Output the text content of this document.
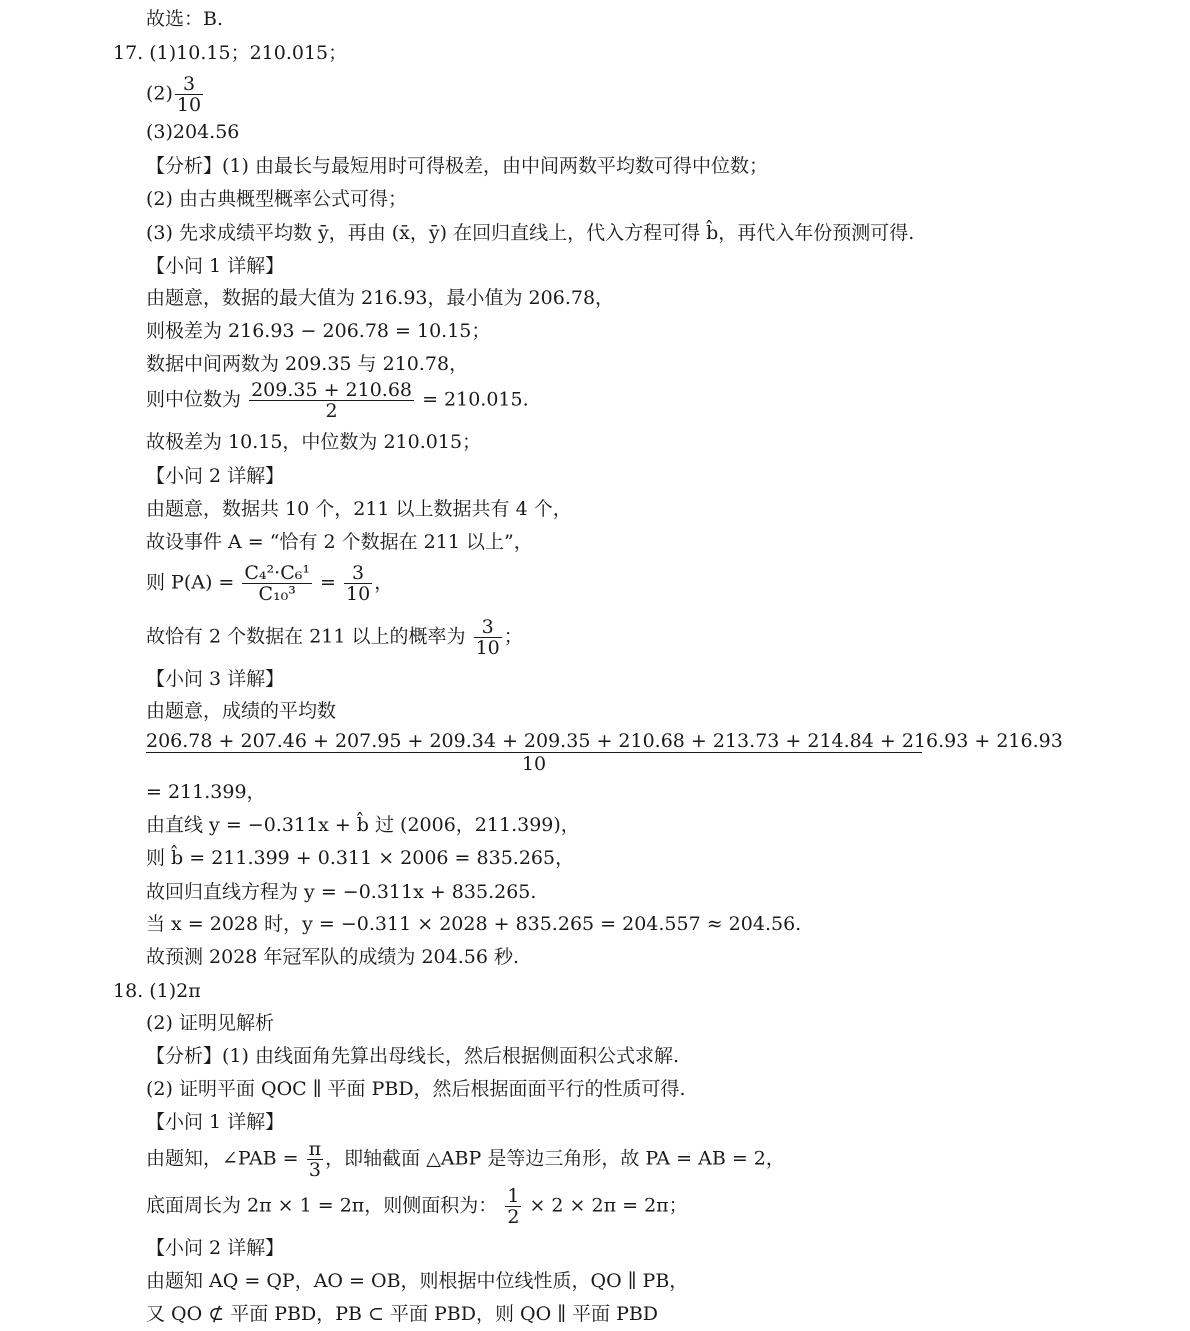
故选：B.
17. (1)10.15；210.015；
$(2) \frac{3}{10}$
(3)204.56
【分析】(1) 由最长与最短用时可得极差，由中间两数平均数可得中位数；
(2) 由古典概型概率公式可得；
(3) 先求成绩平均数 ȳ，再由 (x̄，ȳ) 在回归直线上，代入方程可得 b̂，再代入年份预测可得.
【小问 1 详解】
由题意，数据的最大值为 216.93，最小值为 206.78，
则极差为 216.93 − 206.78 = 10.15；
数据中间两数为 209.35 与 210.78，
则中位数为 $\frac{209.35 + 210.68}{2} = 210.015$.
故极差为 10.15，中位数为 210.015；
【小问 2 详解】
由题意，数据共 10 个，211 以上数据共有 4 个，
故设事件 A = “恰有 2 个数据在 211 以上”，
则 $P(A) = \frac{\text{C₄²·C₆¹}}{\text{C₁₀³}} = \frac{3}{10}$ ，
故恰有 2 个数据在 211 以上的概率为 $\frac{3}{10}$ ；
【小问 3 详解】
由题意，成绩的平均数
206.78 + 207.46 + 207.95 + 209.34 + 209.35 + 210.68 + 213.73 + 214.84 + 216.93 + 216.93
10
= 211.399，
由直线 y = −0.311x + b̂ 过 (2006，211.399)，
则 b̂ = 211.399 + 0.311 × 2006 = 835.265，
故回归直线方程为 y = −0.311x + 835.265.
当 x = 2028 时，y = −0.311 × 2028 + 835.265 = 204.557 ≈ 204.56.
故预测 2028 年冠军队的成绩为 204.56 秒.
18. (1)2π
(2) 证明见解析
【分析】(1) 由线面角先算出母线长，然后根据侧面积公式求解.
(2) 证明平面 QOC ∥ 平面 PBD，然后根据面面平行的性质可得.
【小问 1 详解】
由题知，∠PAB = $\frac{\pi}{3}$ ，即轴截面 △ABP 是等边三角形，故 PA = AB = 2，
底面周长为 2π × 1 = 2π，则侧面积为： $\frac{1}{2} \times 2 \times 2\pi = 2\pi$；
【小问 2 详解】
由题知 AQ = QP，AO = OB，则根据中位线性质，QO ∥ PB，
又 QO ⊄ 平面 PBD，PB ⊂ 平面 PBD，则 QO ∥ 平面 PBD
